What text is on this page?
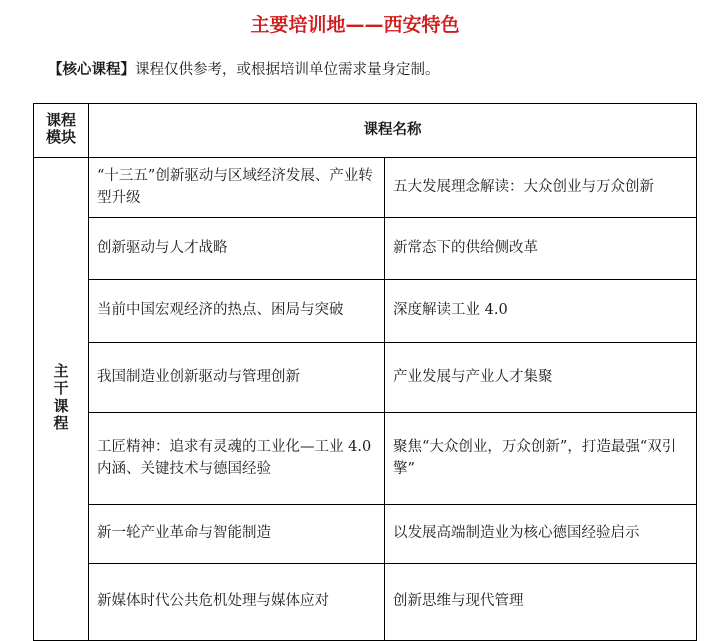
主要培训地——西安特色
【核心课程】课程仅供参考，或根据培训单位需求量身定制。
课程模块	课程名称	
主干课程	“十三五”创新驱动与区域经济发展、产业转型升级	五大发展理念解读：大众创业与万众创新
	创新驱动与人才战略	新常态下的供给侧改革
	当前中国宏观经济的热点、困局与突破	深度解读工业 4.0
	我国制造业创新驱动与管理创新	产业发展与产业人才集聚
	工匠精神：追求有灵魂的工业化—工业 4.0 内涵、关键技术与德国经验	聚焦“大众创业，万众创新”，打造最强“双引擎”
	新一轮产业革命与智能制造	以发展高端制造业为核心德国经验启示
	新媒体时代公共危机处理与媒体应对	创新思维与现代管理
